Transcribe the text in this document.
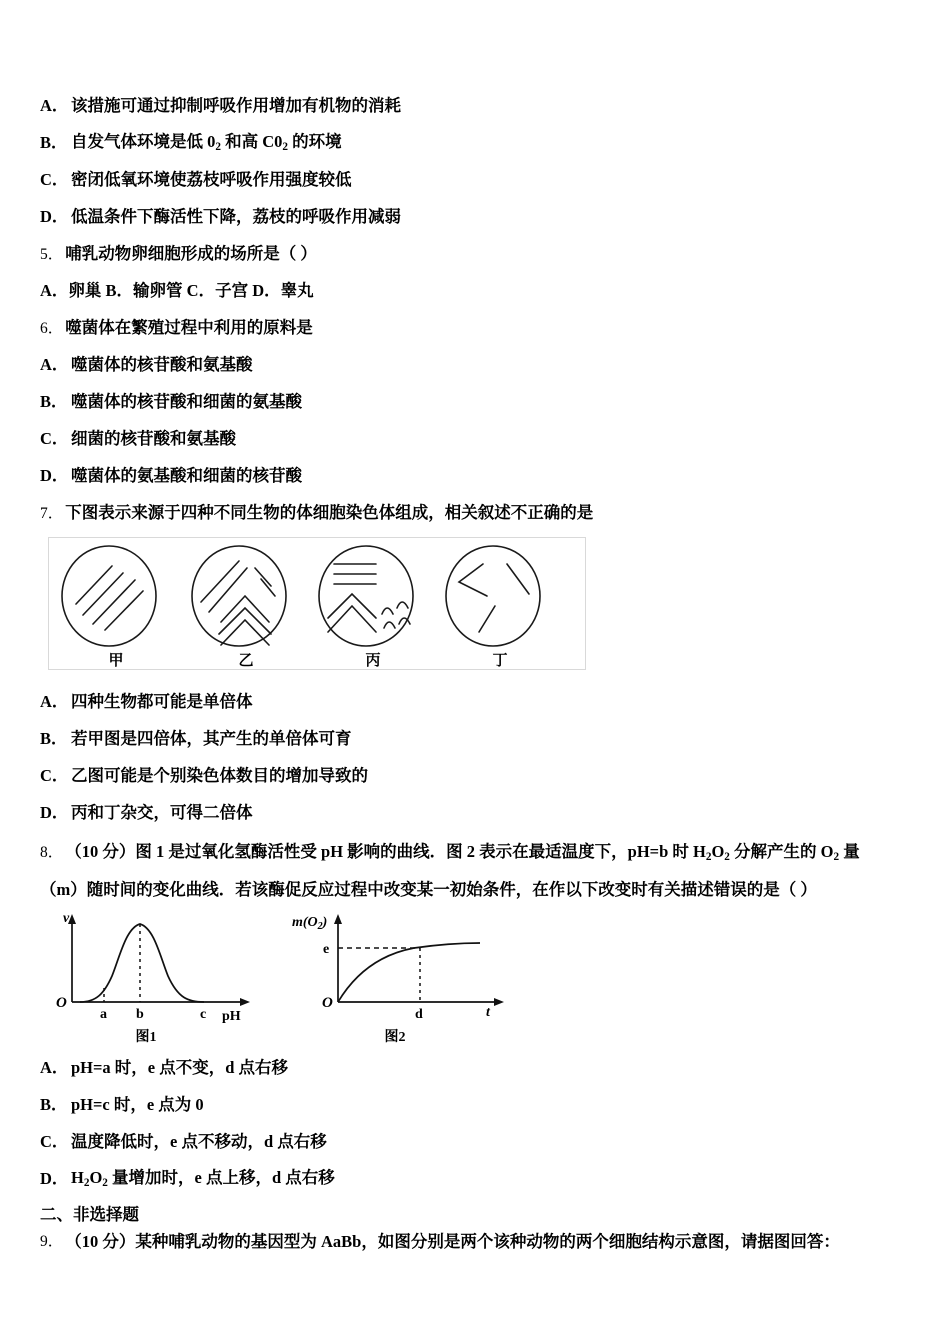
A． 该措施可通过抑制呼吸作用增加有机物的消耗
B． 自发气体环境是低 $0_2$ 和高 $C0_2$ 的环境
C． 密闭低氧环境使荔枝呼吸作用强度较低
D． 低温条件下酶活性下降，荔枝的呼吸作用减弱
5． 哺乳动物卵细胞形成的场所是（ ）
A．卵巢 B．输卵管 C．子宫 D．睾丸
6． 噬菌体在繁殖过程中利用的原料是
A． 噬菌体的核苷酸和氨基酸
B． 噬菌体的核苷酸和细菌的氨基酸
C． 细菌的核苷酸和氨基酸
D． 噬菌体的氨基酸和细菌的核苷酸
7． 下图表示来源于四种不同生物的体细胞染色体组成，相关叙述不正确的是
甲	乙	丙	丁
A． 四种生物都可能是单倍体
B． 若甲图是四倍体，其产生的单倍体可育
C． 乙图可能是个别染色体数目的增加导致的
D． 丙和丁杂交，可得二倍体
8． （10 分）图 1 是过氧化氢酶活性受 pH 影响的曲线．图 2 表示在最适温度下，pH=b 时 $H_2O_2$ 分解产生的 $O_2$ 量
（m）随时间的变化曲线．若该酶促反应过程中改变某一初始条件，在作以下改变时有关描述错误的是（ ）
v
O
a b	c pH
图1
$m(O_2)$
O
e
d	t
图2
A． pH=a 时，e 点不变，d 点右移
B． pH=c 时，e 点为 0
C． 温度降低时，e 点不移动，d 点右移
D． $H_2O_2$ 量增加时，e 点上移，d 点右移
二、非选择题
9． （10 分）某种哺乳动物的基因型为 AaBb，如图分别是两个该种动物的两个细胞结构示意图，请据图回答：
